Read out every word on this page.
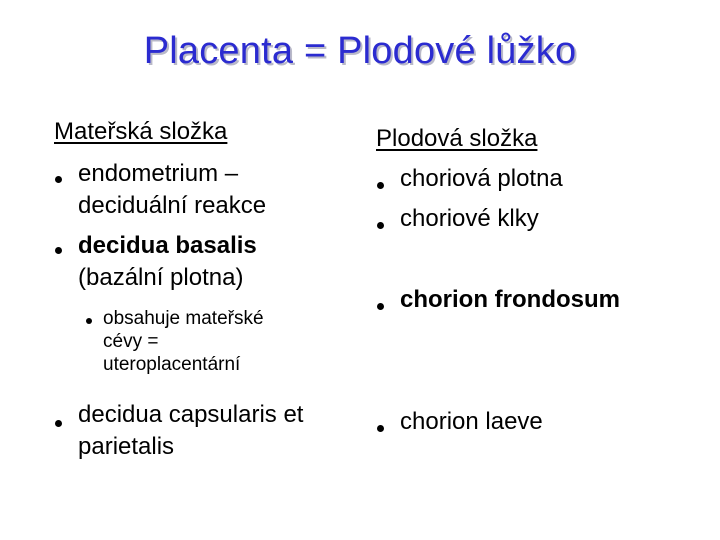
Placenta = Plodové lůžko
Mateřská složka
endometrium –
deciduální reakce
decidua basalis
(bazální plotna)
obsahuje mateřské
cévy =
uteroplacentární
decidua capsularis et
parietalis
Plodová složka
choriová plotna
choriové klky
chorion frondosum
chorion laeve
